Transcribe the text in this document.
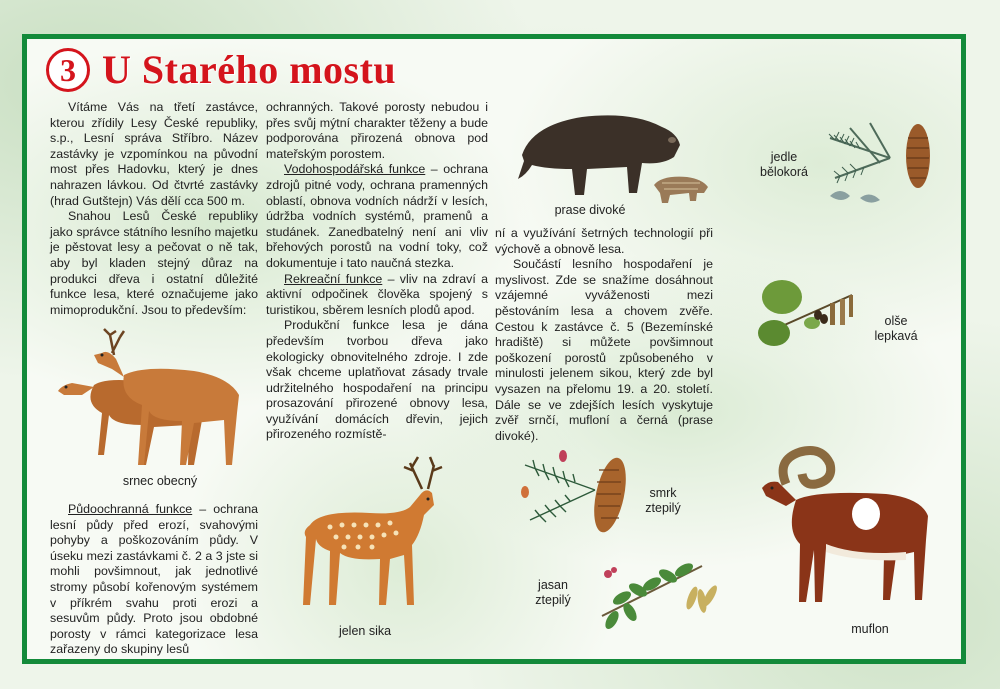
3 U Starého mostu

Vítáme Vás na třetí zastávce, kterou zřídily Lesy České republiky, s.p., Lesní správa Stříbro. Název zastávky je vzpomínkou na původní most přes Hadovku, který je dnes nahrazen lávkou. Od čtvrté zastávky (hrad Gutštejn) Vás dělí cca 500 m.

Snahou Lesů České republiky jako správce státního lesního majetku je pěstovat lesy a pečovat o ně tak, aby byl kladen stejný důraz na produkci dřeva i ostatní důležité funkce lesa, které označujeme jako mimoprodukční. Jsou to především:

Půdoochranná funkce – ochrana lesní půdy před erozí, svahovými pohyby a poškozováním půdy. V úseku mezi zastávkami č. 2 a 3 jste si mohli povšimnout, jak jednotlivé stromy působí kořenovým systémem v příkrém svahu proti erozi a sesuvům půdy. Proto jsou obdobné porosty v rámci kategorizace lesa zařazeny do skupiny lesů

ochranných. Takové porosty nebudou i přes svůj mýtní charakter těženy a bude podporována přirozená obnova pod mateřským porostem.

Vodohospodářská funkce – ochrana zdrojů pitné vody, ochrana pramenných oblastí, obnova vodních nádrží v lesích, údržba vodních systémů, pramenů a studánek. Zanedbatelný není ani vliv břehových porostů na vodní toky, což dokumentuje i tato naučná stezka.

Rekreační funkce – vliv na zdraví a aktivní odpočinek člověka spojený s turistikou, sběrem lesních plodů apod.

Produkční funkce lesa je dána především tvorbou dřeva jako ekologicky obnovitelného zdroje. I zde však chceme uplatňovat zásady trvale udržitelného hospodaření na principu prosazování přirozené obnovy lesa, využívání domácích dřevin, jejich přirozeného rozmístě-

ní a využívání šetrných technologií při výchově a obnově lesa.

Součástí lesního hospodaření je myslivost. Zde se snažíme dosáhnout vzájemné vyváženosti mezi pěstováním lesa a chovem zvěře. Cestou k zastávce č. 5 (Bezemínské hradiště) si můžete povšimnout poškození porostů způsobeného v minulosti jelenem sikou, který zde byl vysazen na přelomu 19. a 20. století. Dále se ve zdejších lesích vyskytuje zvěř srnčí, mufloní a černá (prase divoké).

prase divoké
jedle
bělokorá
olše
lepkavá
srnec obecný
jelen sika
smrk
ztepilý
jasan
ztepilý
muflon
